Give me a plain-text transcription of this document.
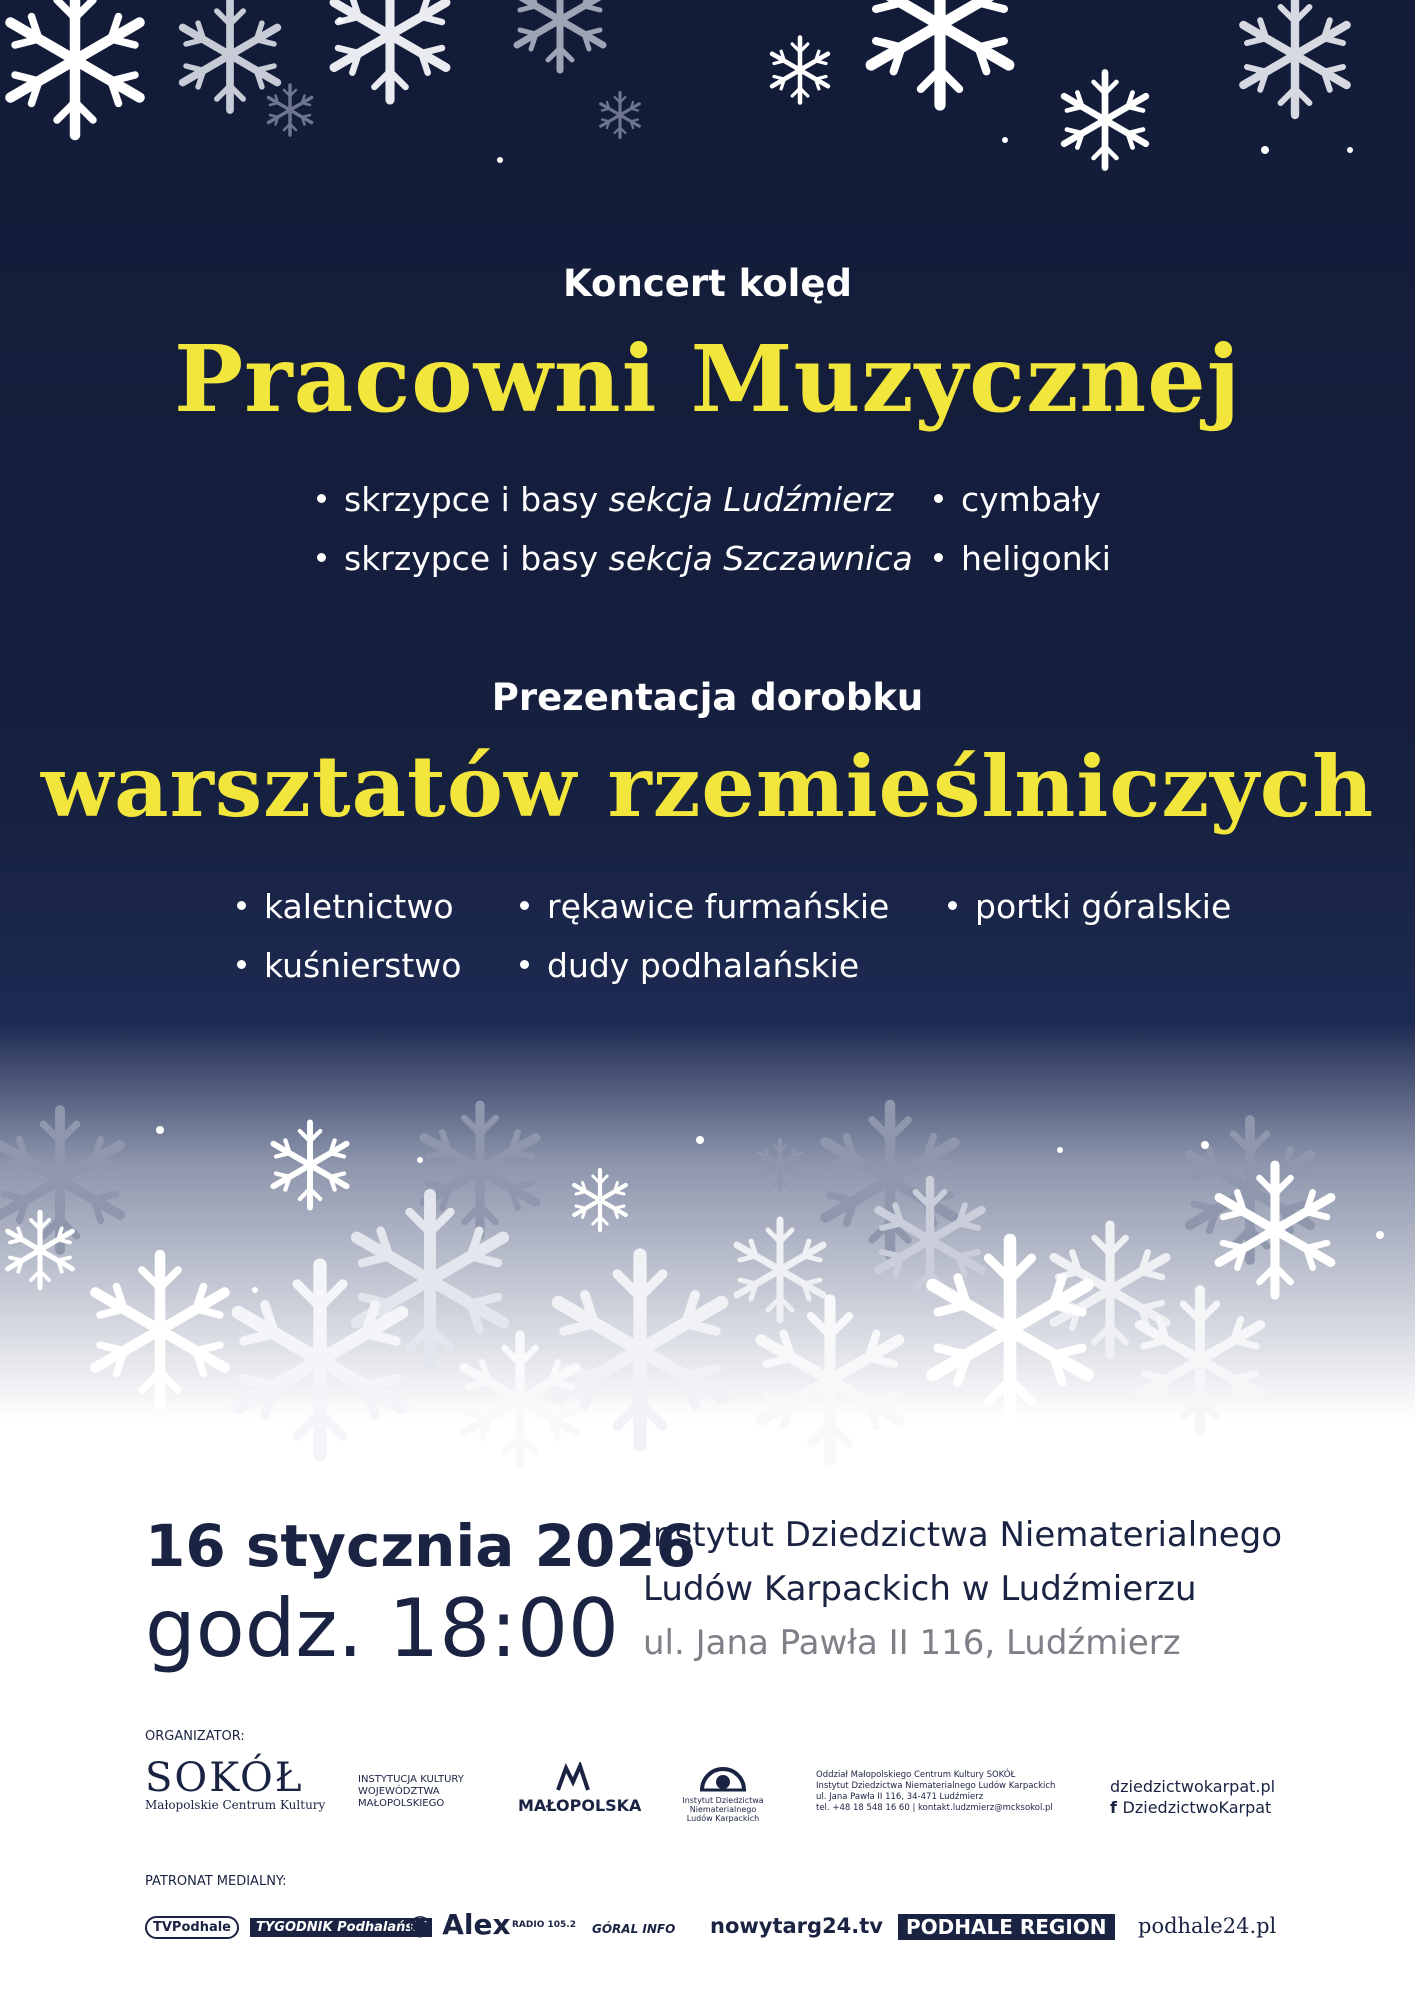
Koncert kolęd
Pracowni Muzycznej
skrzypce i basy sekcja Ludźmierz
skrzypce i basy sekcja Szczawnica
cymbały
heligonki
Prezentacja dorobku
warsztatów rzemieślniczych
kaletnictwo
kuśnierstwo
rękawice furmańskie
dudy podhalańskie
portki góralskie
16 stycznia 2026
godz. 18:00
Instytut Dziedzictwa Niematerialnego
Ludów Karpackich w Ludźmierzu
ul. Jana Pawła II 116, Ludźmierz
ORGANIZATOR:
SOKÓŁ
Małopolskie Centrum Kultury
INSTYTUCJA KULTURY
WOJEWÓDZTWA
MAŁOPOLSKIEGO	MAŁOPOLSKA	Instytut Dziedzictwa
Niematerialnego
Ludów Karpackich
Oddział Małopolskiego Centrum Kultury SOKÓŁ
Instytut Dziedzictwa Niematerialnego Ludów Karpackich
ul. Jana Pawła II 116, 34-471 Ludźmierz
tel. +48 18 548 16 60 | kontakt.ludzmierz@mcksokol.pl
dziedzictwokarpat.pl
f DziedzictwoKarpat
PATRONAT MEDIALNY:
TVPodhale	TYGODNIK Podhalański
◉ Alex RADIO 105.2 GÓRAL INFO nowytarg24.tv	PODHALE REGION	podhale24.pl
